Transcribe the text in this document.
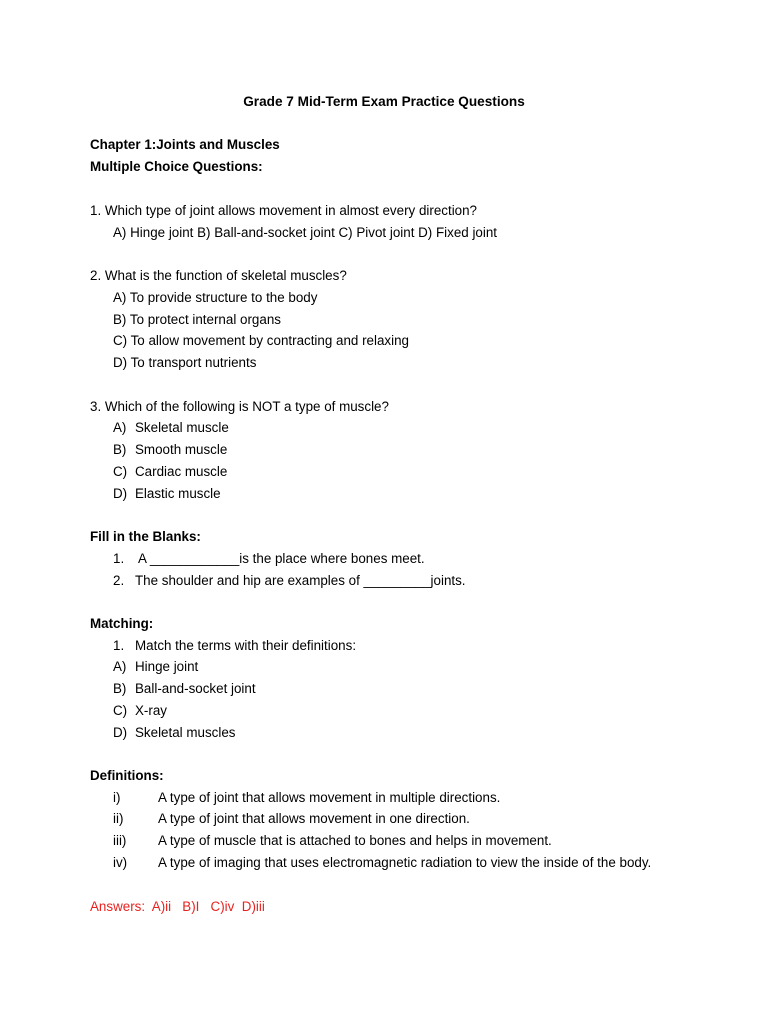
Grade 7 Mid-Term Exam Practice Questions
Chapter 1:Joints and Muscles
Multiple Choice Questions:
1. Which type of joint allows movement in almost every direction?
A) Hinge joint B) Ball-and-socket joint C) Pivot joint D) Fixed joint
2. What is the function of skeletal muscles?
A) To provide structure to the body
B) To protect internal organs
C) To allow movement by contracting and relaxing
D) To transport nutrients
3. Which of the following is NOT a type of muscle?
A) Skeletal muscle
B) Smooth muscle
C) Cardiac muscle
D) Elastic muscle
Fill in the Blanks:
1. A ____________is the place where bones meet.
2. The shoulder and hip are examples of _________joints.
Matching:
1. Match the terms with their definitions:
A) Hinge joint
B) Ball-and-socket joint
C) X-ray
D) Skeletal muscles
Definitions:
i)	A type of joint that allows movement in multiple directions.
ii)	A type of joint that allows movement in one direction.
iii) A type of muscle that is attached to bones and helps in movement.
iv) A type of imaging that uses electromagnetic radiation to view the inside of the body.
Answers:  A)ii   B)I   C)iv  D)iii
